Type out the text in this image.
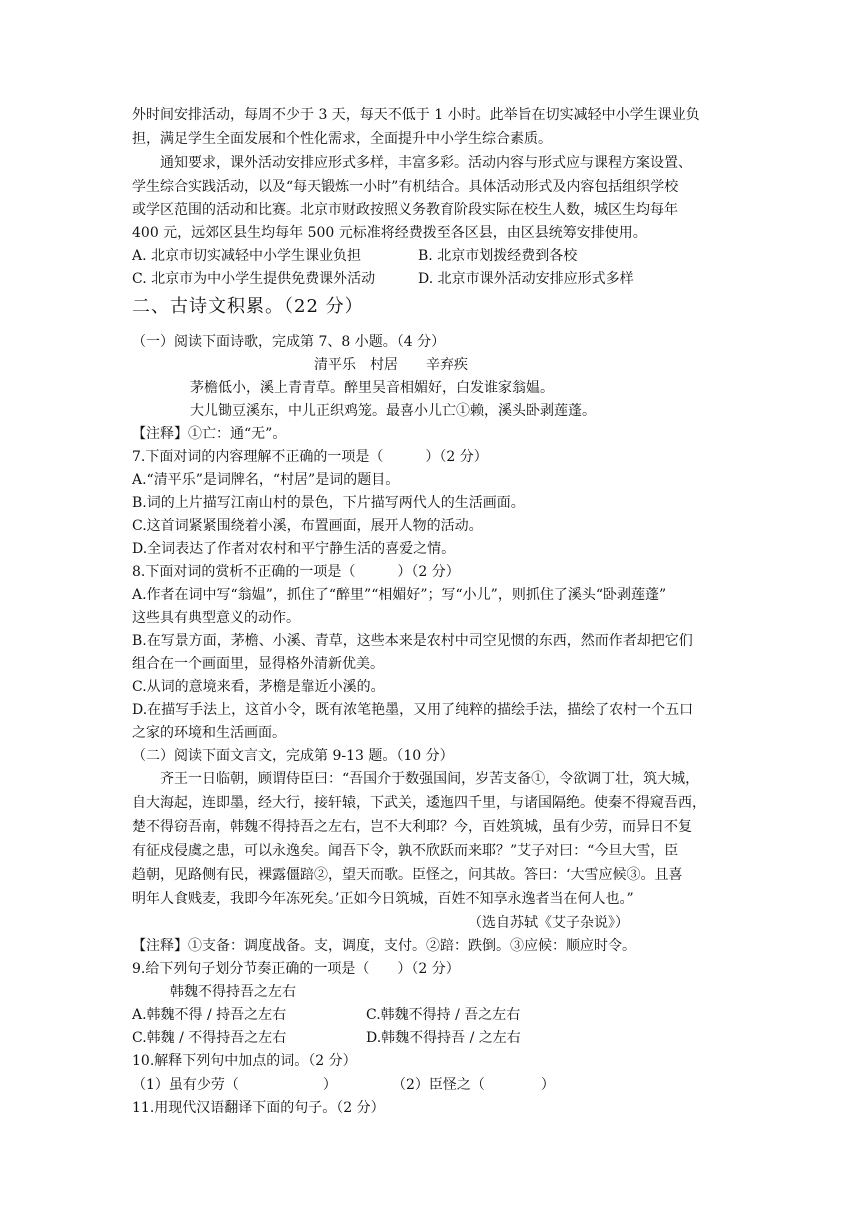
外时间安排活动，每周不少于 3 天，每天不低于 1 小时。此举旨在切实减轻中小学生课业负
担，满足学生全面发展和个性化需求，全面提升中小学生综合素质。
　　通知要求，课外活动安排应形式多样，丰富多彩。活动内容与形式应与课程方案设置、
学生综合实践活动，以及“每天锻炼一小时”有机结合。具体活动形式及内容包括组织学校
或学区范围的活动和比赛。北京市财政按照义务教育阶段实际在校生人数，城区生均每年
400 元，远郊区县生均每年 500 元标准将经费拨至各区县，由区县统筹安排使用。
A. 北京市切实减轻中小学生课业负担	B. 北京市划拨经费到各校
C. 北京市为中小学生提供免费课外活动	D. 北京市课外活动安排应形式多样
二、古诗文积累。（22 分）
（一）阅读下面诗歌，完成第 7、8 小题。（4 分）
清平乐　村居　　辛弃疾
茅檐低小，溪上青青草。醉里吴音相媚好，白发谁家翁媪。
大儿锄豆溪东，中儿正织鸡笼。最喜小儿亡①赖，溪头卧剥莲蓬。
【注释】①亡：通“无”。
7.下面对词的内容理解不正确的一项是（　　　）（2 分）
A.“清平乐”是词牌名，“村居”是词的题目。
B.词的上片描写江南山村的景色，下片描写两代人的生活画面。
C.这首词紧紧围绕着小溪，布置画面，展开人物的活动。
D.全词表达了作者对农村和平宁静生活的喜爱之情。
8.下面对词的赏析不正确的一项是（　　　）（2 分）
A.作者在词中写“翁媪”，抓住了“醉里”“相媚好”；写“小儿”，则抓住了溪头“卧剥莲蓬”
这些具有典型意义的动作。
B.在写景方面，茅檐、小溪、青草，这些本来是农村中司空见惯的东西，然而作者却把它们
组合在一个画面里，显得格外清新优美。
C.从词的意境来看，茅檐是靠近小溪的。
D.在描写手法上，这首小令，既有浓笔艳墨，又用了纯粹的描绘手法，描绘了农村一个五口
之家的环境和生活画面。
（二）阅读下面文言文，完成第 9-13 题。（10 分）
　　齐王一日临朝，顾谓侍臣曰：“吾国介于数强国间，岁苦支备①，令欲调丁壮，筑大城，
自大海起，连即墨，经大行，接轩辕，下武关，逶迤四千里，与诸国隔绝。使秦不得窥吾西，
楚不得窃吾南，韩魏不得持吾之左右，岂不大利耶？今，百姓筑城，虽有少劳，而异日不复
有征戍侵虞之患，可以永逸矣。闻吾下令，孰不欣跃而来耶？”艾子对曰：“今旦大雪，臣
趋朝，见路侧有民，裸露僵踣②，望天而歌。臣怪之，问其故。答曰：‘大雪应候③。且喜
明年人食贱麦，我即今年冻死矣。’正如今日筑城，百姓不知享永逸者当在何人也。”
（选自苏轼《艾子杂说》）
【注释】①支备：调度战备。支，调度，支付。②踣：跌倒。③应候：顺应时令。
9.给下列句子划分节奏正确的一项是（　　）（2 分）
韩魏不得持吾之左右
A.韩魏不得 / 持吾之左右	C.韩魏不得持 / 吾之左右
C.韩魏 / 不得持吾之左右	D.韩魏不得持吾 / 之左右
10.解释下列句中加点的词。（2 分）
（1）虽有少劳（　　　　　　）	（2）臣怪之（　　　　）
11.用现代汉语翻译下面的句子。（2 分）
